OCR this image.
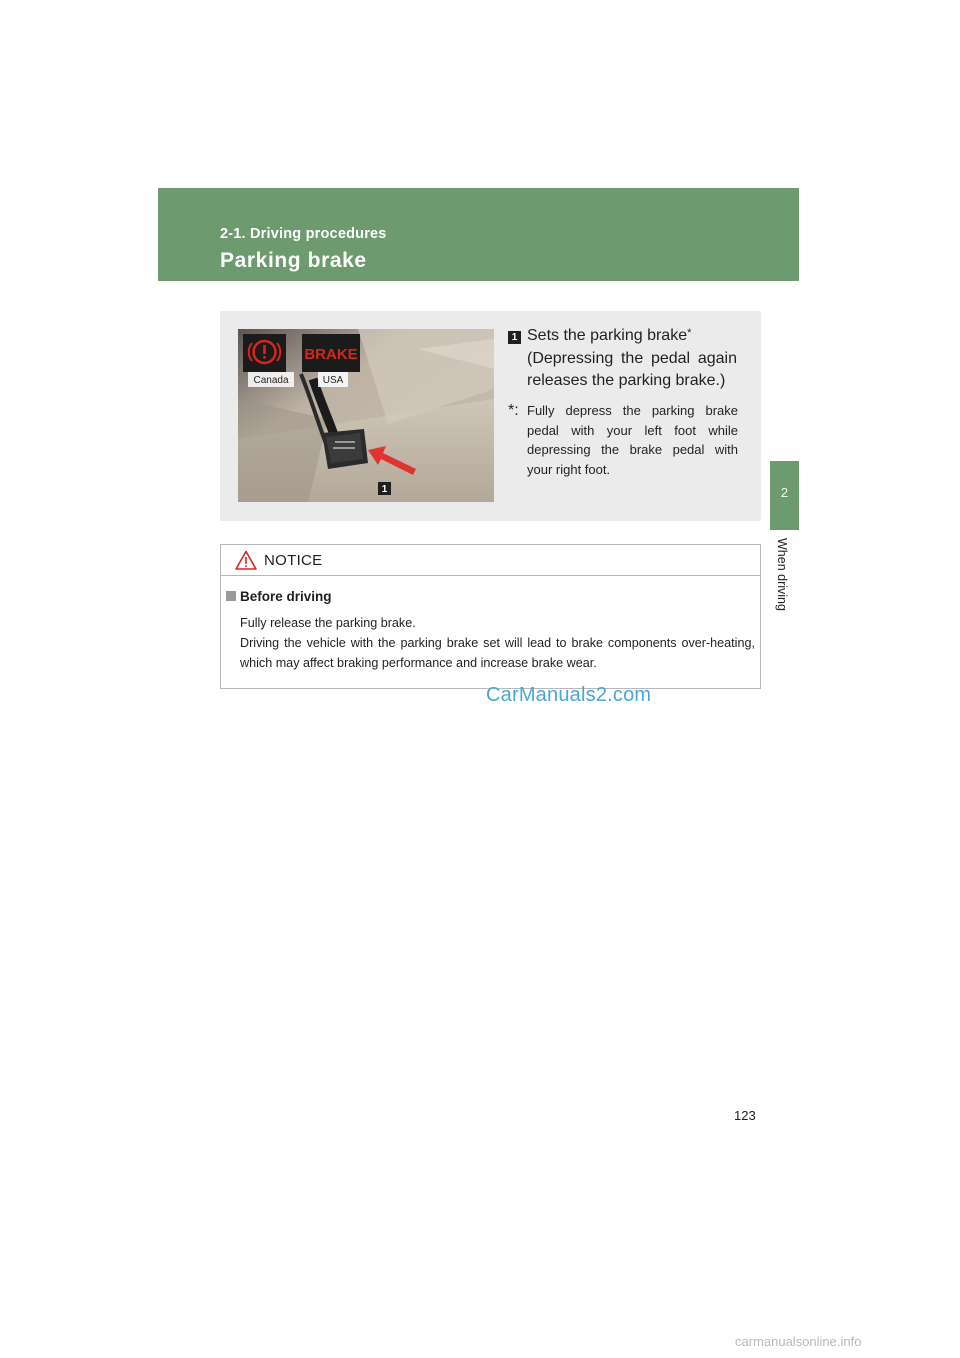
2-1. Driving procedures
Parking brake
2
When driving
1
BRAKE
Canada	USA
1 Sets the parking brake*
(Depressing the pedal again releases the parking brake.)
*: Fully depress the parking brake pedal with your left foot while depressing the brake pedal with your right foot.
NOTICE
Before driving
Fully release the parking brake.
Driving the vehicle with the parking brake set will lead to brake components over-heating, which may affect braking performance and increase brake wear.
CarManuals2.com
123
carmanualsonline.info
